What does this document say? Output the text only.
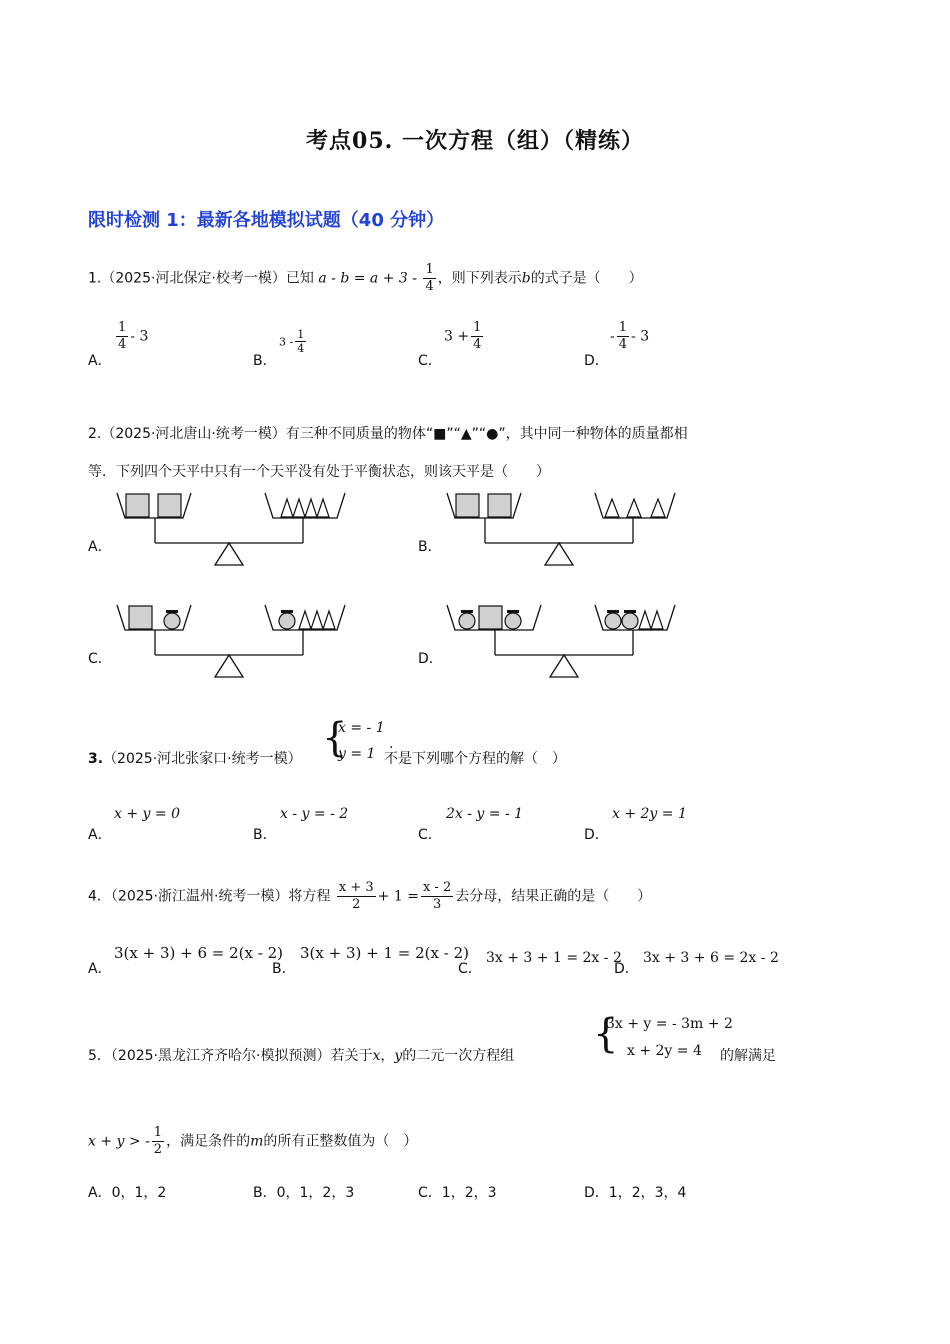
考点05. 一次方程（组）（精练）
限时检测 1：最新各地模拟试题（40 分钟）
1.（2025·河北保定·校考一模）已知 $a - b = a + 3 - \frac{1}{4}$ ，则下列表示b的式子是（　　）
A．
$\frac{1}{4} - 3$
B．
$3 - \frac{1}{4}$
C．
$3 + \frac{1}{4}$
D．
- $\frac{1}{4} - 3$
2.（2025·河北唐山·统考一模）有三种不同质量的物体“■”“▲”“●”，其中同一种物体的质量都相
等．下列四个天平中只有一个天平没有处于平衡状态，则该天平是（　　）
A．	B．
C．	D．
3.（2025·河北张家口·统考一模） {
x = - 1
y = 1 不是下列哪个方程的解（　）
A．
x + y = 0
B．
x - y = - 2
C．
2x - y = - 1
D．
x + 2y = 1
4．（2025·浙江温州·统考一模）将方程 $\frac{x + 3}{2} + 1 = \frac{x - 2}{3}$ 去分母，结果正确的是（　　）
A．
3(x + 3) + 6 = 2(x - 2)
B．
3(x + 3) + 1 = 2(x - 2)
C．
3x + 3 + 1 = 2x - 2
D．
3x + 3 + 6 = 2x - 2
5．（2025·黑龙江齐齐哈尔·模拟预测）若关于x，y的二元一次方程组 {
3x + y = - 3m + 2
x + 2y = 4 的解满足
x + y > - $\frac{1}{2}$ ，满足条件的m的所有正整数值为（　）
A．0，1，2	B．0，1，2，3	C．1，2，3	D．1，2，3，4
